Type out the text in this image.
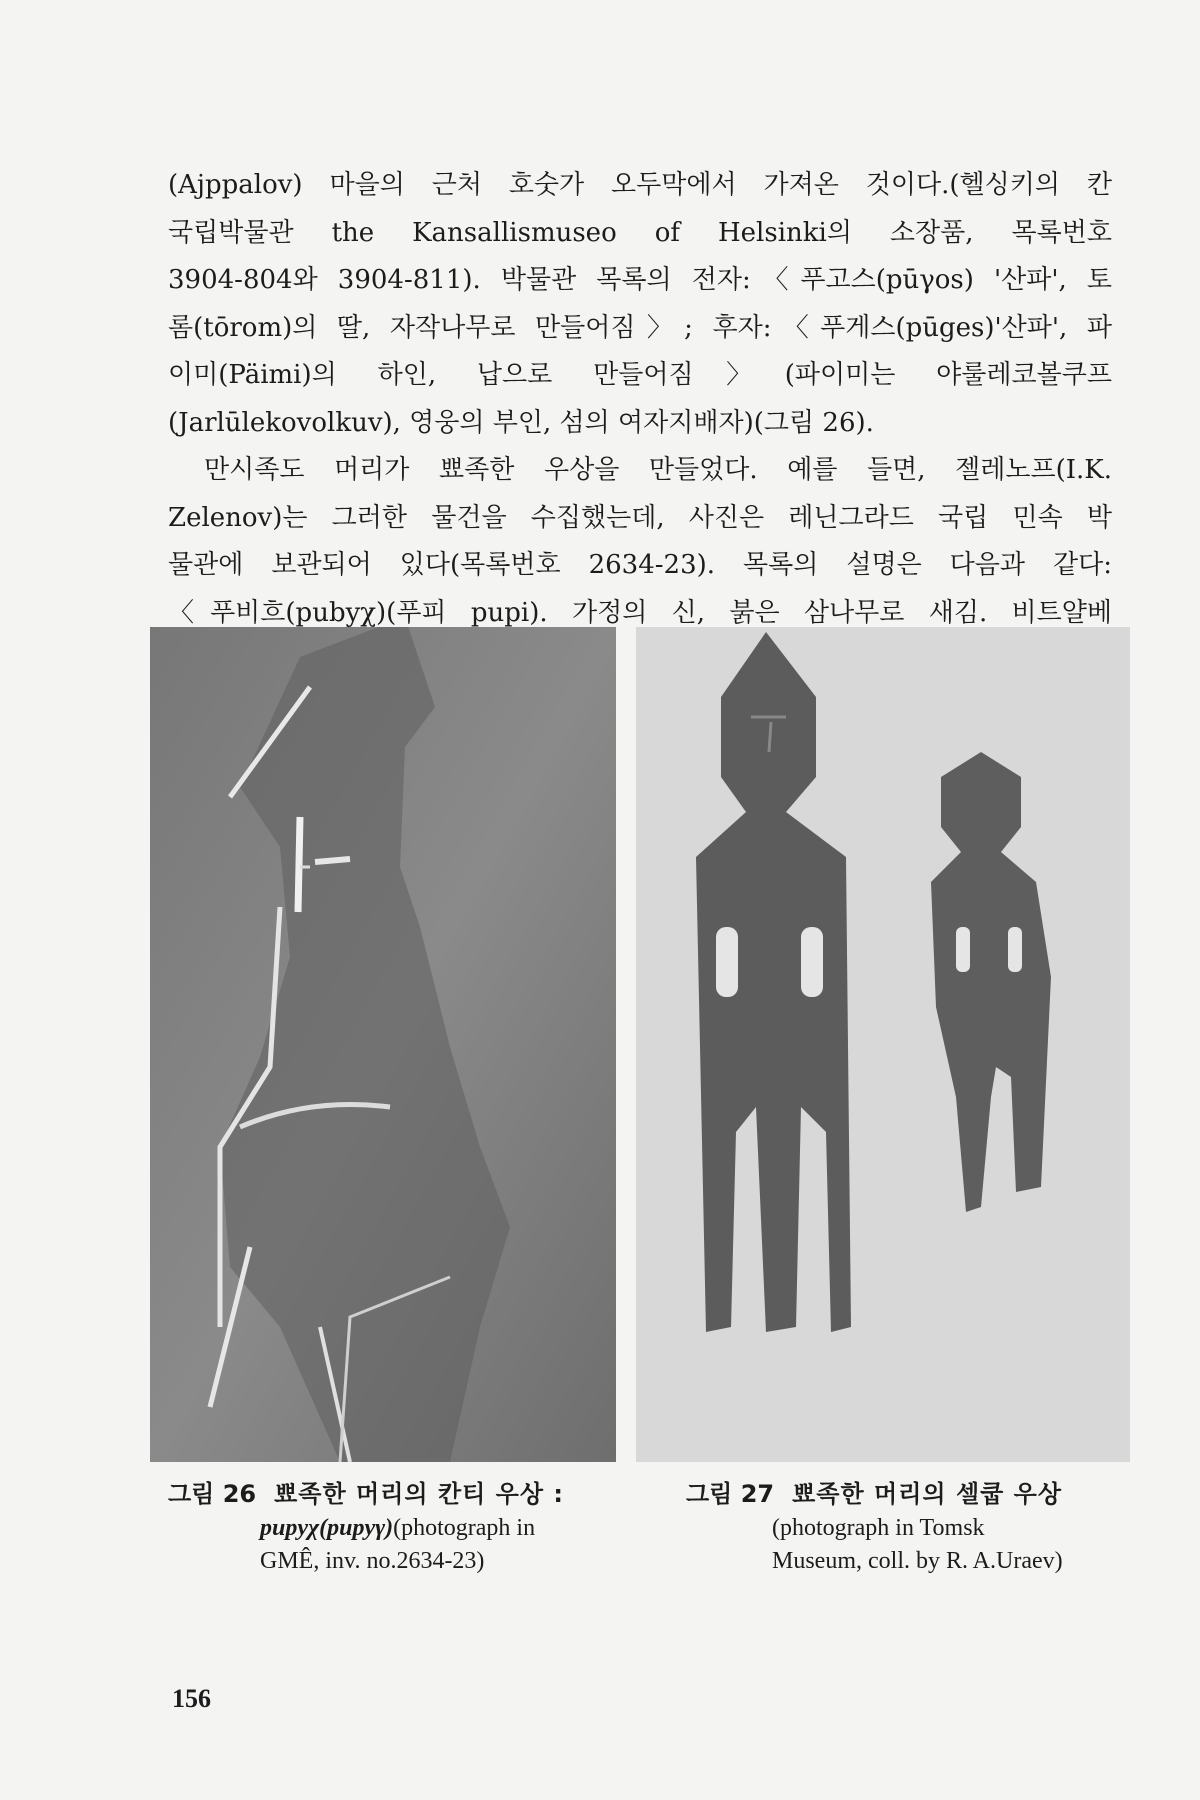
(Ajppalov) 마을의 근처 호숫가 오두막에서 가져온 것이다.(헬싱키의 칸
국립박물관 the Kansallismuseo of Helsinki의 소장품, 목록번호
3904-804와 3904-811). 박물관 목록의 전자:〈푸고스(pūγos) '산파', 토
롬(tōrom)의 딸, 자작나무로 만들어짐〉; 후자:〈푸게스(pūges)'산파', 파
이미(Päimi)의 하인, 납으로 만들어짐〉(파이미는 야룰레코볼쿠프
(Jarlūlekovolkuv), 영웅의 부인, 섬의 여자지배자)(그림 26).
만시족도 머리가 뾰족한 우상을 만들었다. 예를 들면, 젤레노프(I.K.
Zelenov)는 그러한 물건을 수집했는데, 사진은 레닌그라드 국립 민속 박
물관에 보관되어 있다(목록번호 2634-23). 목록의 설명은 다음과 같다:
〈푸비흐(pubyχ)(푸피 pupi). 가정의 신, 붉은 삼나무로 새김. 비트얄베
그림 26 뾰족한 머리의 칸티 우상 :
pupyχ(pupyγ)(photograph in
GMÊ, inv. no.2634-23)
그림 27 뾰족한 머리의 셀쿱 우상
(photograph in Tomsk
Museum, coll. by R. A.Uraev)
156
